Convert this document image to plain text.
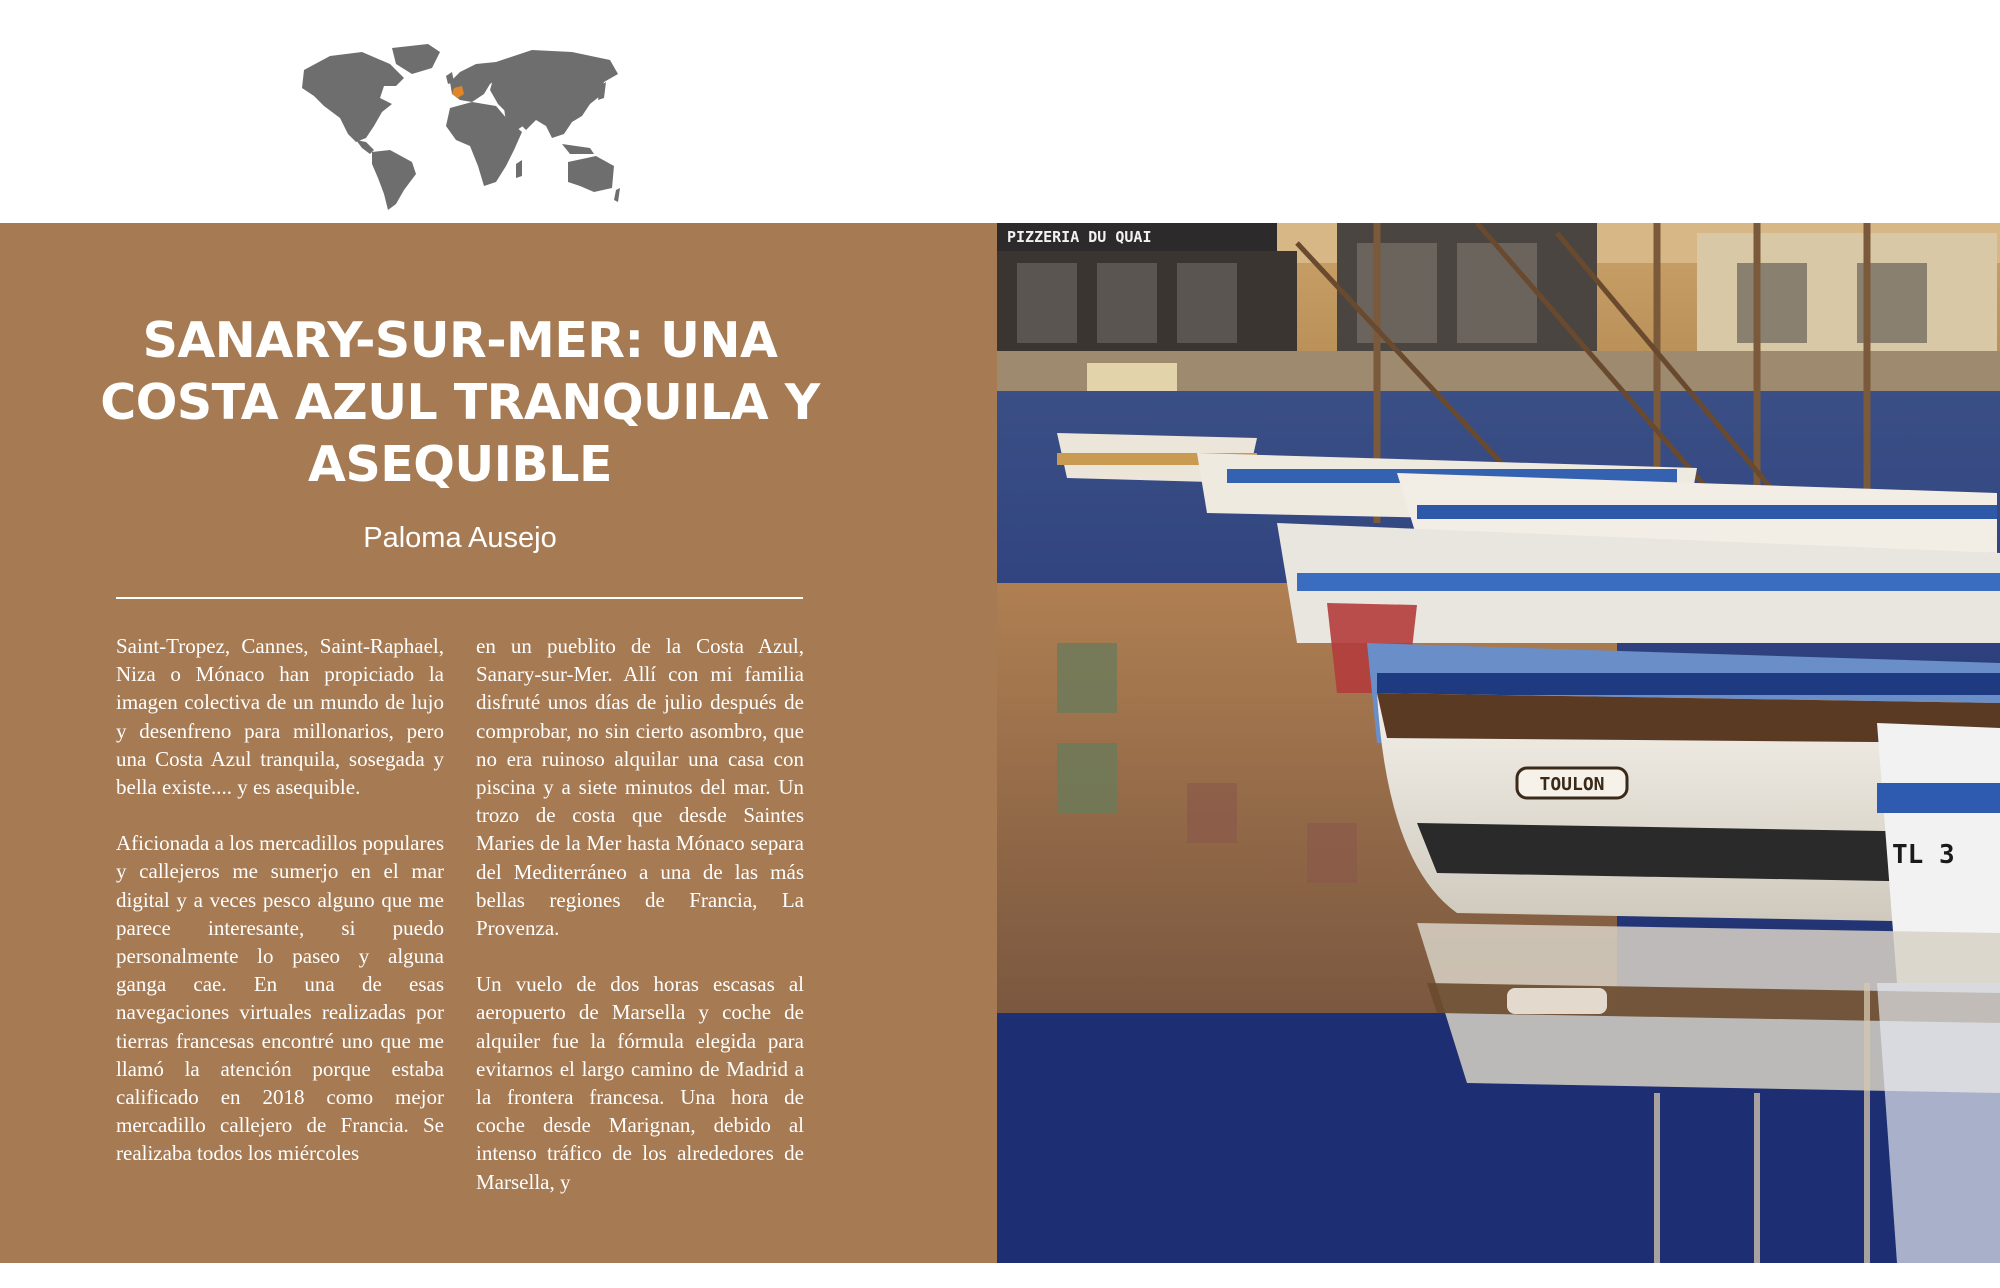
SANARY-SUR-MER: UNA COSTA AZUL TRANQUILA Y ASEQUIBLE
Paloma Ausejo

Saint-Tropez, Cannes, Saint-Raphael, Niza o Mónaco han propiciado la imagen colectiva de un mundo de lujo y desenfreno para millonarios, pero una Costa Azul tranquila, sosegada y bella existe.... y es asequible.

Aficionada a los mercadillos populares y callejeros me sumerjo en el mar digital y a veces pesco alguno que me parece interesante, si puedo personalmente lo paseo y alguna ganga cae. En una de esas navegaciones virtuales realizadas por tierras francesas encontré uno que me llamó la atención porque estaba calificado en 2018 como mejor mercadillo callejero de Francia. Se realizaba todos los miércoles

en un pueblito de la Costa Azul, Sanary-sur-Mer. Allí con mi familia disfruté unos días de julio después de comprobar, no sin cierto asombro, que no era ruinoso alquilar una casa con piscina y a siete minutos del mar. Un trozo de costa que desde Saintes Maries de la Mer hasta Mónaco separa del Mediterráneo a una de las más bellas regiones de Francia, La Provenza.

Un vuelo de dos horas escasas al aeropuerto de Marsella y coche de alquiler fue la fórmula elegida para evitarnos el largo camino de Madrid a la frontera francesa. Una hora de coche desde Marignan, debido al intenso tráfico de los alrededores de Marsella, y

PIZZERIA DU QUAI
TOULON
TL 3
